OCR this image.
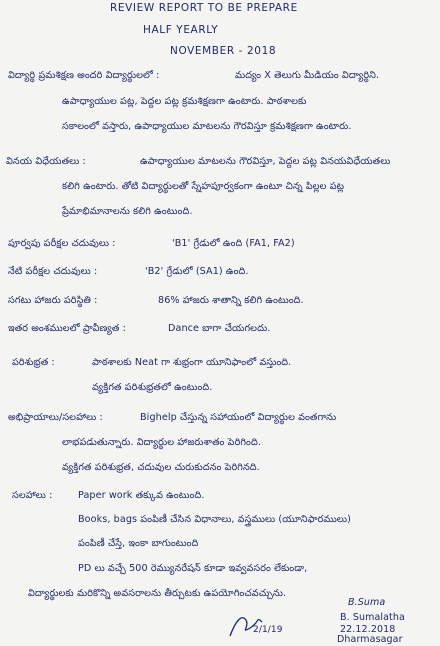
REVIEW REPORT TO BE PREPARE
HALF YEARLY
NOVEMBER - 2018
విద్యార్థి ప్రమశిక్షణ అందరి విద్యార్థులలో :	మద్యం X తెలుగు మీడియం విద్యార్థిని.
ఉపాధ్యాయుల పట్ల, పెద్దల పట్ల క్రమశిక్షణగా ఉంటారు. పాఠశాలకు
సకాలంలో వస్తారు, ఉపాధ్యాయుల మాటలను గౌరవిస్తూ క్రమశిక్షణగా ఉంటారు.
వినయ విధేయతలు :	ఉపాధ్యాయుల మాటలను గౌరవిస్తూ, పెద్దల పట్ల వినయవిధేయతలు
కలిగి ఉంటారు. తోటి విద్యార్థులతో స్నేహపూర్వకంగా ఉంటూ చిన్న పిల్లల పట్ల
ప్రేమాభిమానాలను కలిగి ఉంటుంది.
పూర్వపు పరీక్షల చదువులు :	'B1' గ్రేడులో ఉంది (FA1, FA2)
నేటి పరీక్షల చదువులు :	'B2' గ్రేడులో (SA1) ఉంది.
సగటు హాజరు పరిస్థితి :	86% హాజరు శాతాన్ని కలిగి ఉంటుంది.
ఇతర అంశములలో ప్రావీణ్యత :	Dance బాగా చేయగలదు.
పరిశుభ్రత :	పాఠశాలకు Neat గా శుభ్రంగా యూనిఫాంలో వస్తుంది.
వ్యక్తిగత పరిశుభ్రతలో ఉంటుంది.
అభిప్రాయాలు/సలహాలు :	Bighelp చేస్తున్న సహాయంలో విద్యార్థుల వంతగాను
లాభపడుతున్నారు. విద్యార్థుల హాజరుశాతం పెరిగింది.
వ్యక్తిగత పరిశుభ్రత, చదువుల చురుకుదనం పెరిగినది.
సలహాలు :	Paper work తక్కువ ఉంటుంది.
Books, bags పంపిణీ చేసిన విధానాలు, వస్త్రములు (యూనిఫారములు)
పంపిణీ చేస్తే, ఇంకా బాగుంటుంది
PD లు వచ్చే 500 రెమ్యునరేషన్ కూడా ఇవ్వవసరం లేకుండా,
విద్యార్థులకు మరికొన్ని అవసరాలను తీర్చుటకు ఉపయోగించవచ్చును.
B.Suma
B. Sumalatha
22.12.2018
Dharmasagar
2/1/19
